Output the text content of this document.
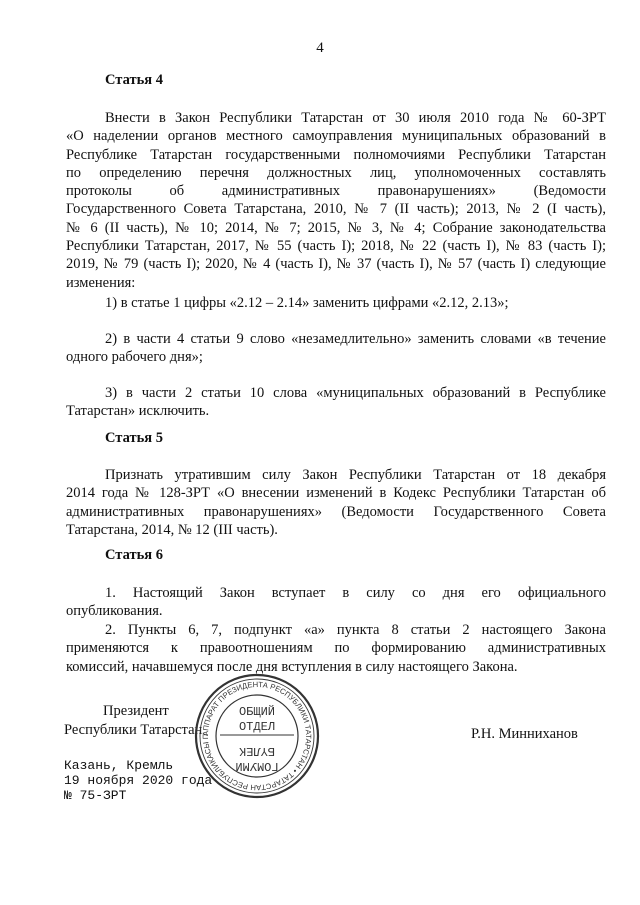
4
Статья 4
Внести в Закон Республики Татарстан от 30 июля 2010 года № 60-ЗРТ
«О наделении органов местного самоуправления муниципальных образований в
Республике Татарстан государственными полномочиями Республики Татарстан
по определению перечня должностных лиц, уполномоченных составлять
протоколы об административных правонарушениях» (Ведомости
Государственного Совета Татарстана, 2010, № 7 (II часть); 2013, № 2 (I часть),
№ 6 (II часть), № 10; 2014, № 7; 2015, № 3, № 4; Собрание законодательства
Республики Татарстан, 2017, № 55 (часть I); 2018, № 22 (часть I), № 83 (часть I);
2019, № 79 (часть I); 2020, № 4 (часть I), № 37 (часть I), № 57 (часть I) следующие
изменения:
1) в статье 1 цифры «2.12 – 2.14» заменить цифрами «2.12, 2.13»;
2) в части 4 статьи 9 слово «незамедлительно» заменить словами «в течение
одного рабочего дня»;
3) в части 2 статьи 10 слова «муниципальных образований в Республике
Татарстан» исключить.
Статья 5
Признать утратившим силу Закон Республики Татарстан от 18 декабря
2014 года № 128-ЗРТ «О внесении изменений в Кодекс Республики Татарстан об
административных правонарушениях» (Ведомости Государственного Совета
Татарстана, 2014, № 12 (III часть).
Статья 6
1. Настоящий Закон вступает в силу со дня его официального
опубликования.
2. Пункты 6, 7, подпункт «а» пункта 8 статьи 2 настоящего Закона
применяются к правоотношениям по формированию административных
комиссий, начавшемуся после дня вступления в силу настоящего Закона.
Президент
Республики Татарстан	Р.Н. Минниханов
Казань, Кремль
19 ноября 2020 года
№ 75-ЗРТ
АППАРАТ ПРЕЗИДЕНТА РЕСПУБЛИКИ ТАТАРСТАН • ТАТАРСТАН РЕСПУБЛИКАСЫ П
ОБЩИЙ
ОТДЕЛ
БҮЛЕК
ГОМУМИ
